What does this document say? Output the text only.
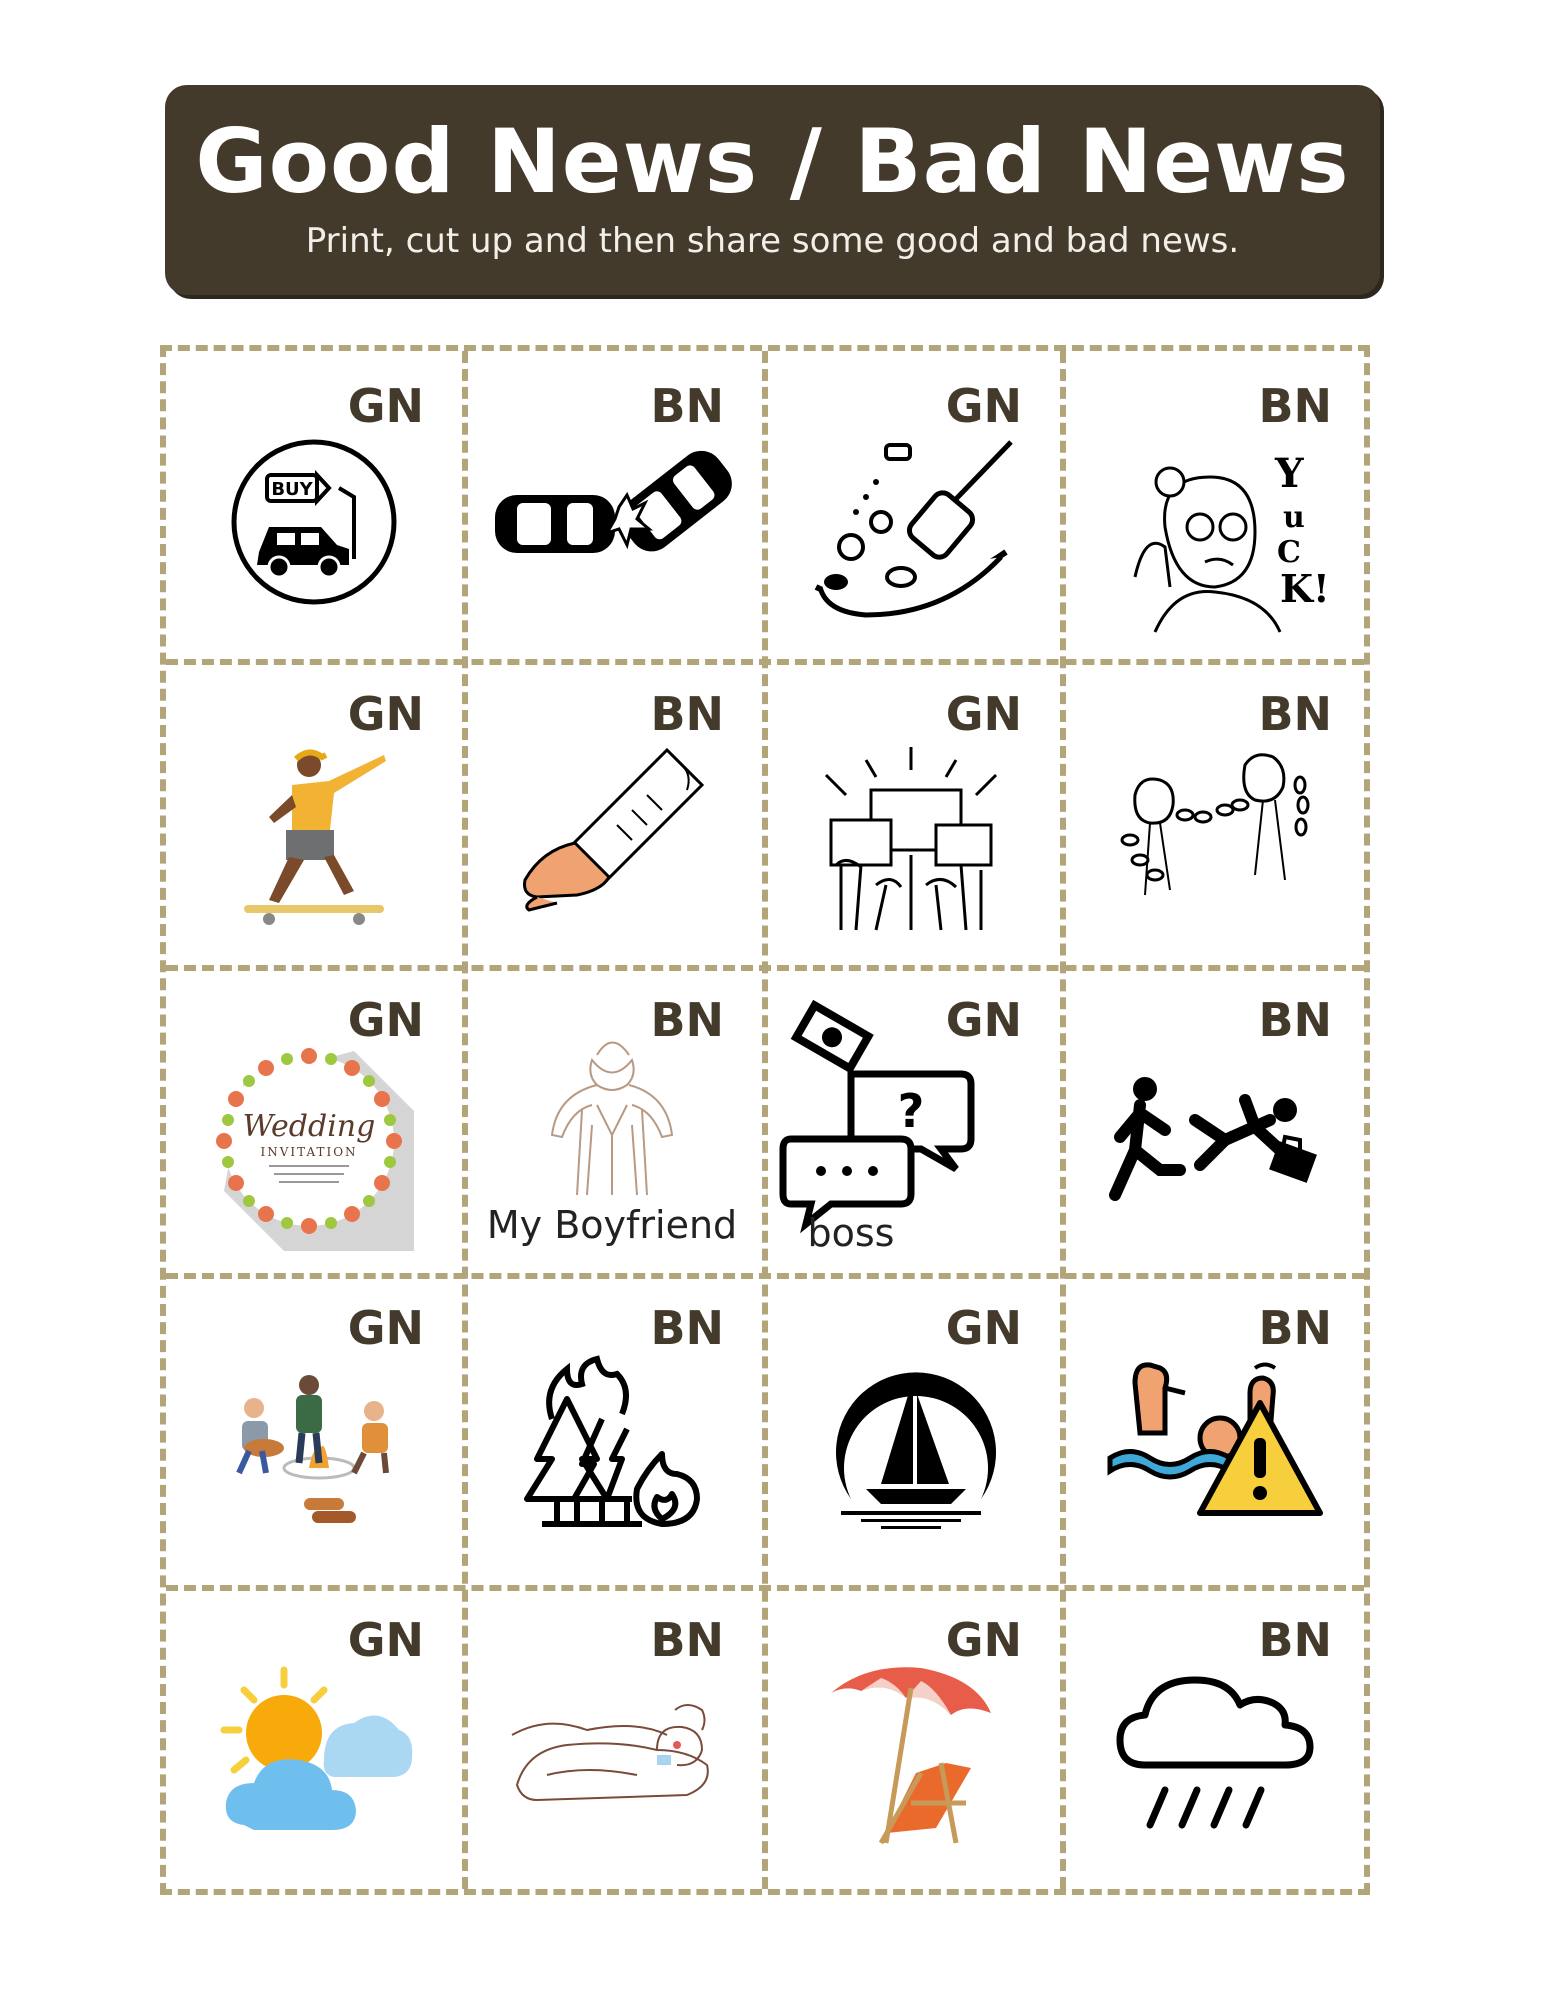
Good News / Bad News

Print, cut up and then share some good and bad news.

GN
BUY
BN	GN	BN
Y
u
C
K!
GN	BN	GN	BN
GN
Wedding
INVITATION
BN
My Boyfriend
GN
?
boss
BN
GN	BN	GN	BN
GN	BN	GN	BN
